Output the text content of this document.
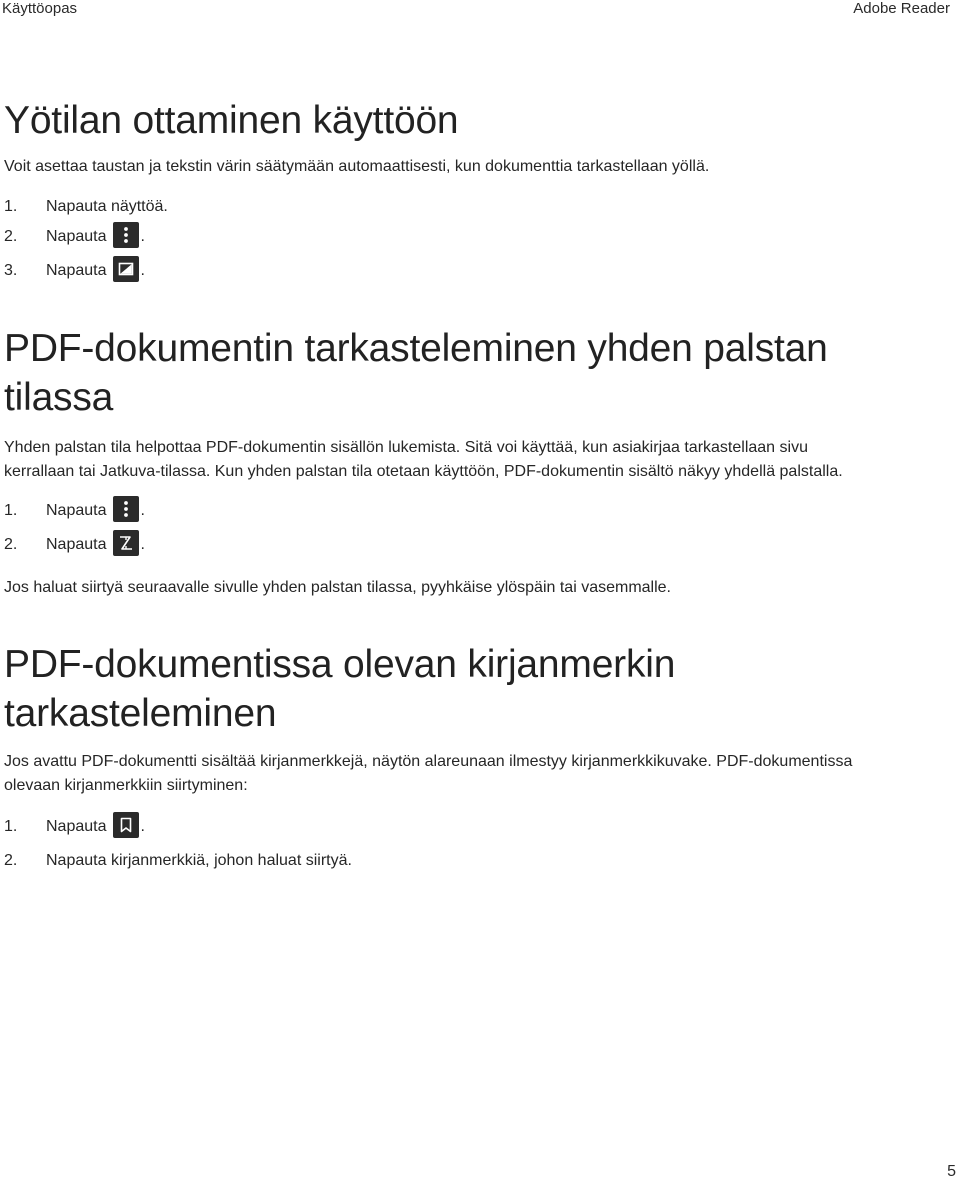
Käyttöopas	Adobe Reader
Yötilan ottaminen käyttöön

Voit asettaa taustan ja tekstin värin säätymään automaattisesti, kun dokumenttia tarkastellaan yöllä.

1. Napauta näyttöä.
2. Napauta .
3. Napauta .
PDF-dokumentin tarkasteleminen yhden palstan
tilassa

Yhden palstan tila helpottaa PDF-dokumentin sisällön lukemista. Sitä voi käyttää, kun asiakirjaa tarkastellaan sivu
kerrallaan tai Jatkuva-tilassa. Kun yhden palstan tila otetaan käyttöön, PDF-dokumentin sisältö näkyy yhdellä palstalla.

1. Napauta .
2. Napauta .

Jos haluat siirtyä seuraavalle sivulle yhden palstan tilassa, pyyhkäise ylöspäin tai vasemmalle.

PDF-dokumentissa olevan kirjanmerkin
tarkasteleminen

Jos avattu PDF-dokumentti sisältää kirjanmerkkejä, näytön alareunaan ilmestyy kirjanmerkkikuvake. PDF-dokumentissa
olevaan kirjanmerkkiin siirtyminen:

1. Napauta .
2. Napauta kirjanmerkkiä, johon haluat siirtyä.
5
